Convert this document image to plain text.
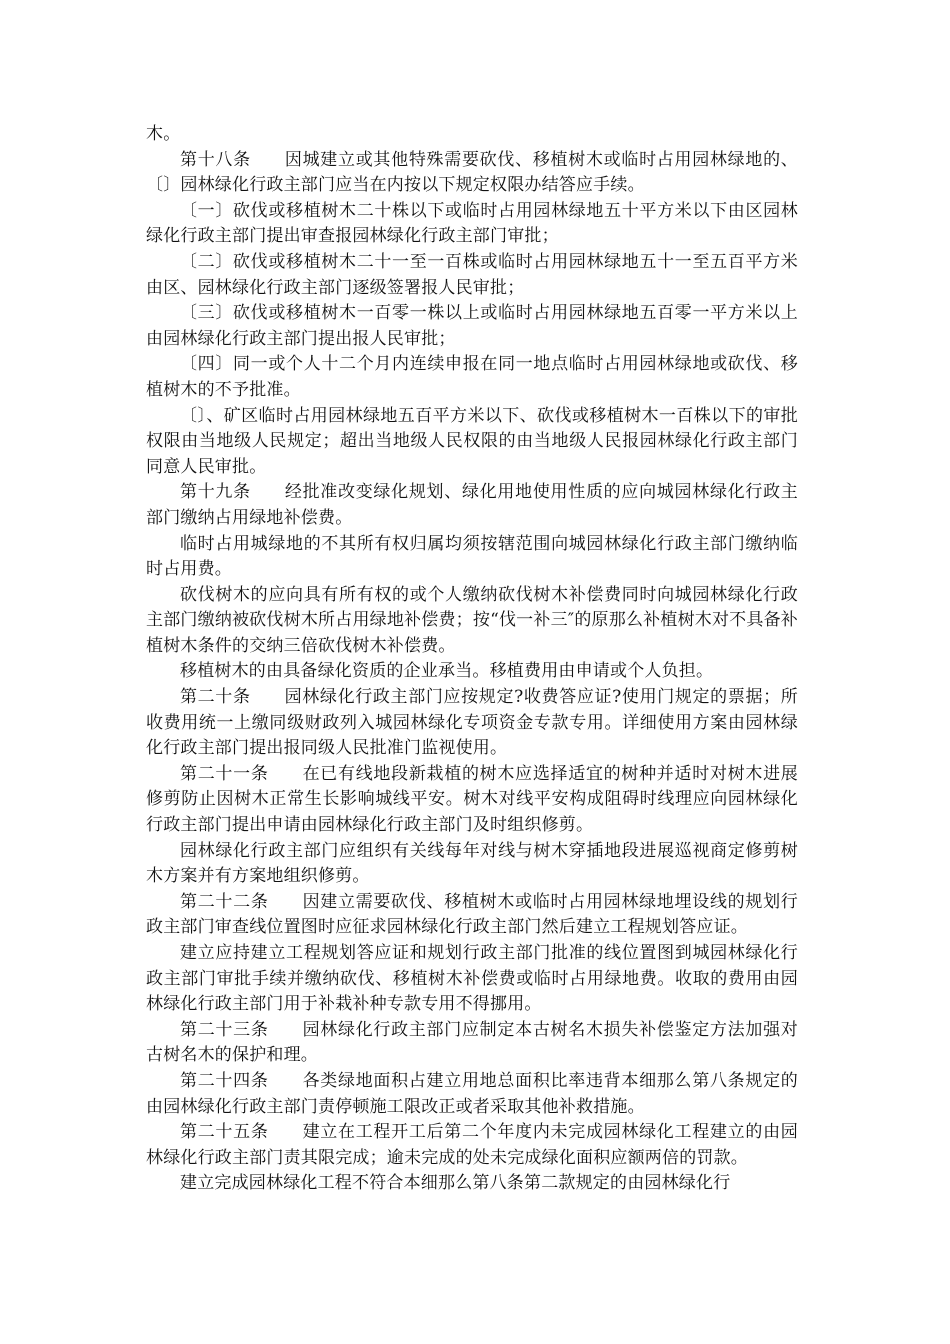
木。

第十八条 因城建立或其他特殊需要砍伐、移植树木或临时占用园林绿地的、〔〕园林绿化行政主部门应当在内按以下规定权限办结答应手续。

〔一〕砍伐或移植树木二十株以下或临时占用园林绿地五十平方米以下由区园林绿化行政主部门提出审查报园林绿化行政主部门审批；

〔二〕砍伐或移植树木二十一至一百株或临时占用园林绿地五十一至五百平方米由区、园林绿化行政主部门逐级签署报人民审批；

〔三〕砍伐或移植树木一百零一株以上或临时占用园林绿地五百零一平方米以上由园林绿化行政主部门提出报人民审批；

〔四〕同一或个人十二个月内连续申报在同一地点临时占用园林绿地或砍伐、移植树木的不予批准。

〔〕、矿区临时占用园林绿地五百平方米以下、砍伐或移植树木一百株以下的审批权限由当地级人民规定；超出当地级人民权限的由当地级人民报园林绿化行政主部门同意人民审批。

第十九条 经批准改变绿化规划、绿化用地使用性质的应向城园林绿化行政主部门缴纳占用绿地补偿费。

临时占用城绿地的不其所有权归属均须按辖范围向城园林绿化行政主部门缴纳临时占用费。

砍伐树木的应向具有所有权的或个人缴纳砍伐树木补偿费同时向城园林绿化行政主部门缴纳被砍伐树木所占用绿地补偿费；按“伐一补三″的原那么补植树木对不具备补植树木条件的交纳三倍砍伐树木补偿费。

移植树木的由具备绿化资质的企业承当。移植费用由申请或个人负担。

第二十条 园林绿化行政主部门应按规定?收费答应证?使用门规定的票据；所收费用统一上缴同级财政列入城园林绿化专项资金专款专用。详细使用方案由园林绿化行政主部门提出报同级人民批准门监视使用。

第二十一条 在已有线地段新栽植的树木应选择适宜的树种并适时对树木进展修剪防止因树木正常生长影响城线平安。树木对线平安构成阻碍时线理应向园林绿化行政主部门提出申请由园林绿化行政主部门及时组织修剪。

园林绿化行政主部门应组织有关线每年对线与树木穿插地段进展巡视商定修剪树木方案并有方案地组织修剪。

第二十二条 因建立需要砍伐、移植树木或临时占用园林绿地埋设线的规划行政主部门审查线位置图时应征求园林绿化行政主部门然后建立工程规划答应证。

建立应持建立工程规划答应证和规划行政主部门批准的线位置图到城园林绿化行政主部门审批手续并缴纳砍伐、移植树木补偿费或临时占用绿地费。收取的费用由园林绿化行政主部门用于补栽补种专款专用不得挪用。

第二十三条 园林绿化行政主部门应制定本古树名木损失补偿鉴定方法加强对古树名木的保护和理。

第二十四条 各类绿地面积占建立用地总面积比率违背本细那么第八条规定的由园林绿化行政主部门责停顿施工限改正或者采取其他补救措施。

第二十五条 建立在工程开工后第二个年度内未完成园林绿化工程建立的由园林绿化行政主部门责其限完成；逾未完成的处未完成绿化面积应额两倍的罚款。

建立完成园林绿化工程不符合本细那么第八条第二款规定的由园林绿化行
